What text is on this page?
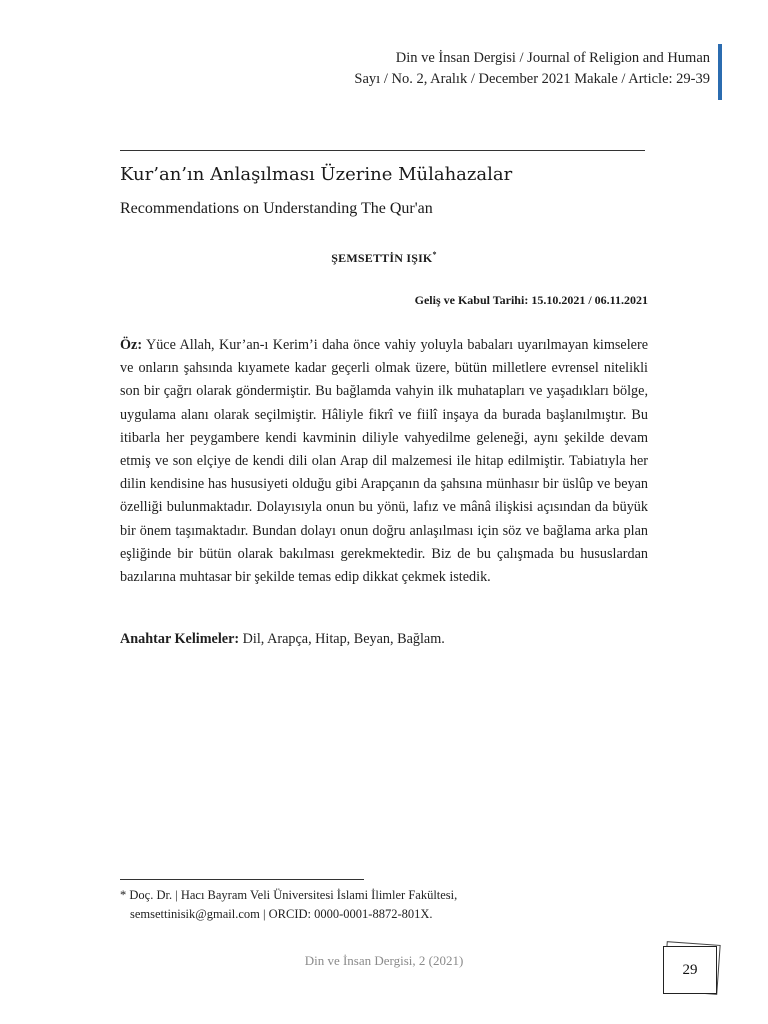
Din ve İnsan Dergisi / Journal of Religion and Human
Sayı / No. 2, Aralık / December 2021 Makale / Article: 29-39
Kur’an’ın Anlaşılması Üzerine Mülahazalar
Recommendations on Understanding The Qur'an
ŞEMSETTİN IŞIK*
Geliş ve Kabul Tarihi: 15.10.2021 / 06.11.2021
Öz: Yüce Allah, Kur’an-ı Kerim’i daha önce vahiy yoluyla babaları uyarılmayan kimselere ve onların şahsında kıyamete kadar geçerli olmak üzere, bütün milletlere evrensel nitelikli son bir çağrı olarak göndermiştir. Bu bağlamda vahyin ilk muhatapları ve yaşadıkları bölge, uygulama alanı olarak seçilmiştir. Hâliyle fikrî ve fiilî inşaya da burada başlanılmıştır. Bu itibarla her peygambere kendi kavminin diliyle vahyedilme geleneği, aynı şekilde devam etmiş ve son elçiye de kendi dili olan Arap dil malzemesi ile hitap edilmiştir. Tabiatıyla her dilin kendisine has hususiyeti olduğu gibi Arapçanın da şahsına münhasır bir üslûp ve beyan özelliği bulunmaktadır. Dolayısıyla onun bu yönü, lafız ve mânâ ilişkisi açısından da büyük bir önem taşımaktadır. Bundan dolayı onun doğru anlaşılması için söz ve bağlama arka plan eşliğinde bir bütün olarak bakılması gerekmektedir. Biz de bu çalışmada bu hususlardan bazılarına muhtasar bir şekilde temas edip dikkat çekmek istedik.
Anahtar Kelimeler: Dil, Arapça, Hitap, Beyan, Bağlam.
* Doç. Dr. | Hacı Bayram Veli Üniversitesi İslami İlimler Fakültesi,
semsettinisik@gmail.com | ORCID: 0000-0001-8872-801X.
Din ve İnsan Dergisi, 2 (2021)
29
